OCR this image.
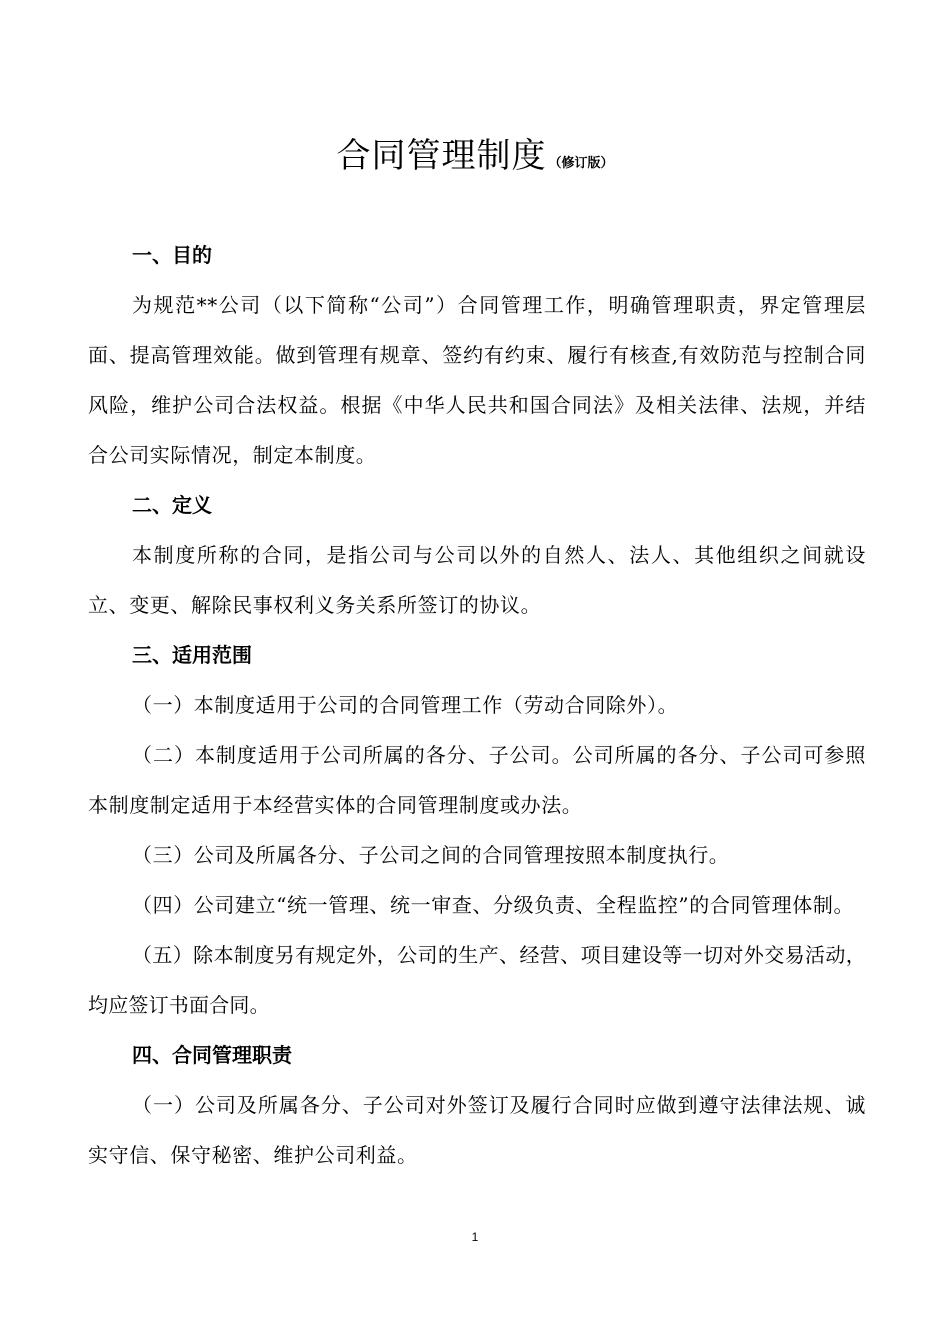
合同管理制度 （修订版）

一、目的

为规范**公司（以下简称“公司”）合同管理工作，明确管理职责，界定管理层面、提高管理效能。做到管理有规章、签约有约束、履行有核查,有效防范与控制合同风险，维护公司合法权益。根据《中华人民共和国合同法》及相关法律、法规，并结合公司实际情况，制定本制度。

二、定义

本制度所称的合同，是指公司与公司以外的自然人、法人、其他组织之间就设立、变更、解除民事权利义务关系所签订的协议。

三、适用范围

（一）本制度适用于公司的合同管理工作（劳动合同除外）。

（二）本制度适用于公司所属的各分、子公司。公司所属的各分、子公司可参照本制度制定适用于本经营实体的合同管理制度或办法。

（三）公司及所属各分、子公司之间的合同管理按照本制度执行。

（四）公司建立“统一管理、统一审查、分级负责、全程监控”的合同管理体制。

（五）除本制度另有规定外，公司的生产、经营、项目建设等一切对外交易活动，均应签订书面合同。

四、合同管理职责

（一）公司及所属各分、子公司对外签订及履行合同时应做到遵守法律法规、诚实守信、保守秘密、维护公司利益。

1
